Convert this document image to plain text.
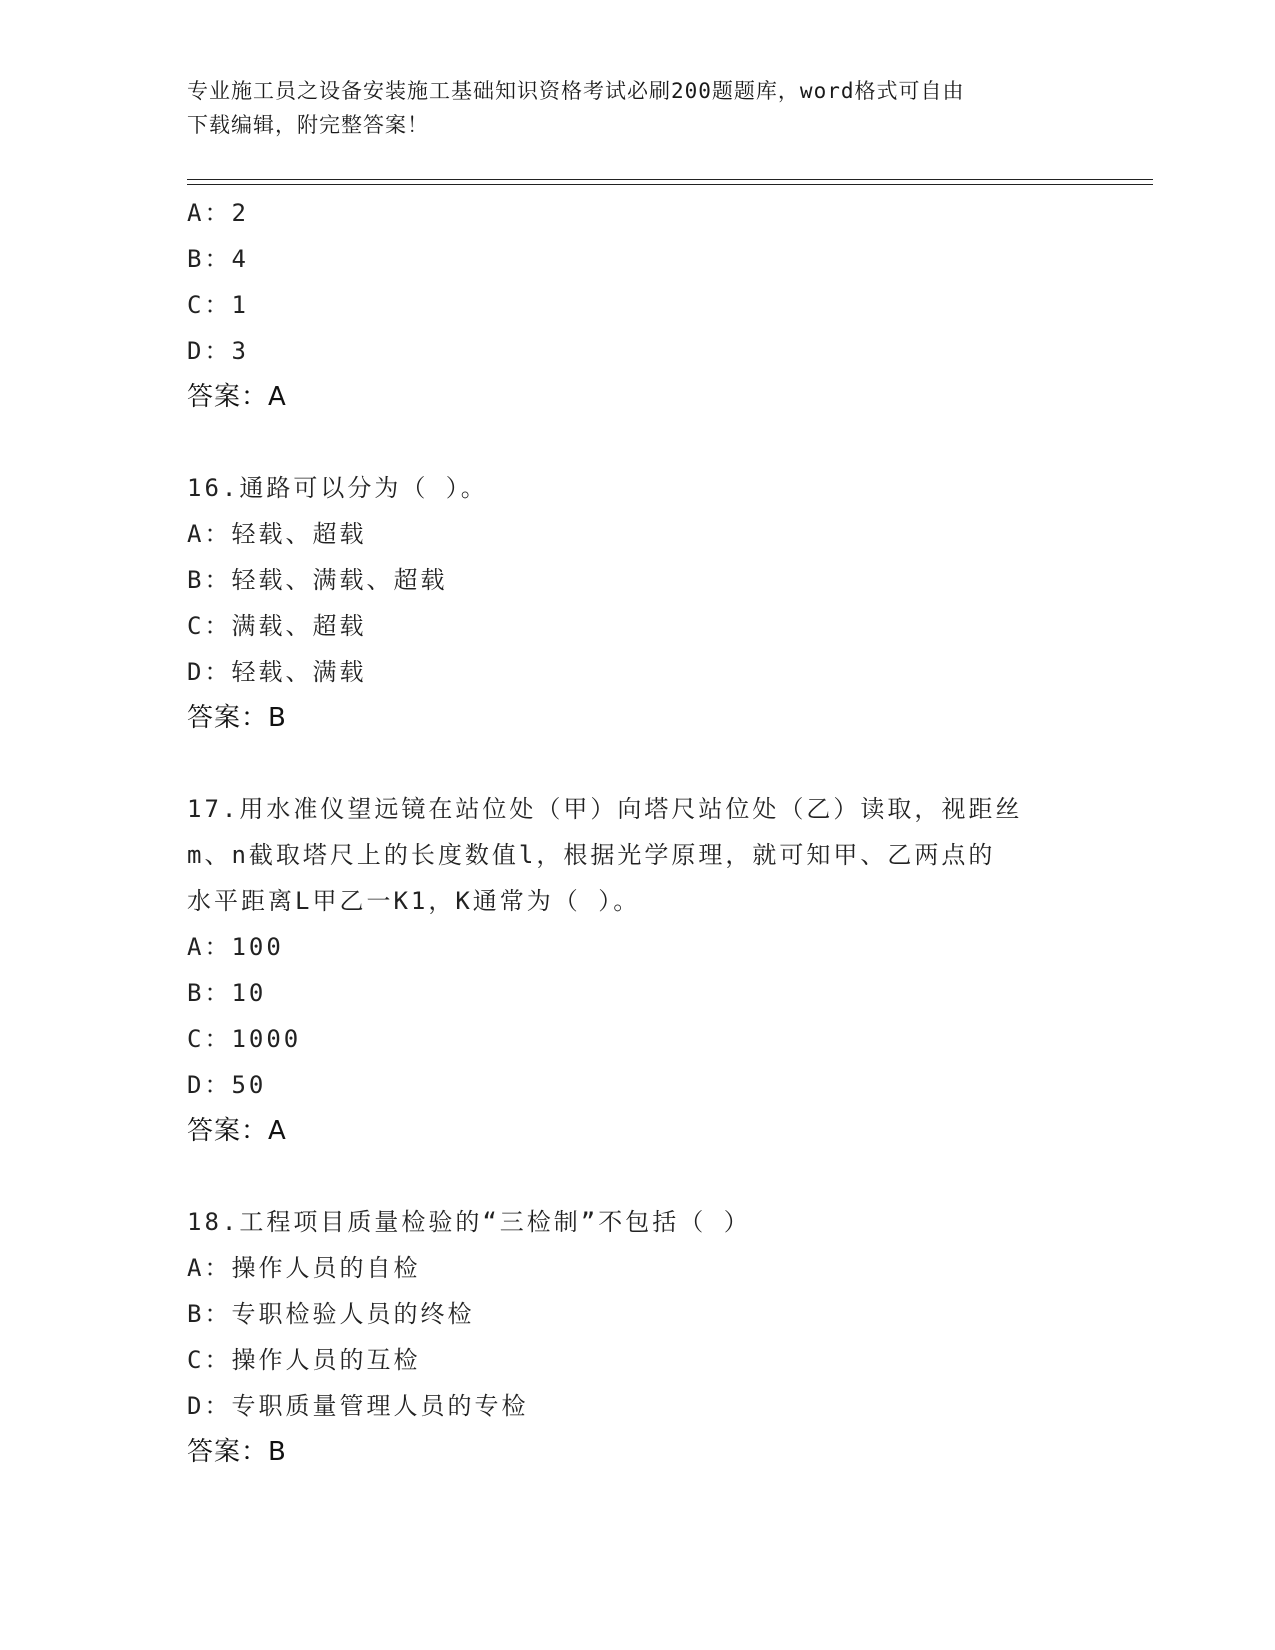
专业施工员之设备安装施工基础知识资格考试必刷200题题库，word格式可自由
下载编辑，附完整答案！
A：2
B：4
C：1
D：3
答案：A
16.通路可以分为（ ）。
A：轻载、超载
B：轻载、满载、超载
C：满载、超载
D：轻载、满载
答案：B
17.用水准仪望远镜在站位处（甲）向塔尺站位处（乙）读取，视距丝
m、n截取塔尺上的长度数值l，根据光学原理，就可知甲、乙两点的
水平距离L甲乙一K1，K通常为（ ）。
A：100
B：10
C：1000
D：50
答案：A
18.工程项目质量检验的“三检制”不包括（ ）
A：操作人员的自检
B：专职检验人员的终检
C：操作人员的互检
D：专职质量管理人员的专检
答案：B
